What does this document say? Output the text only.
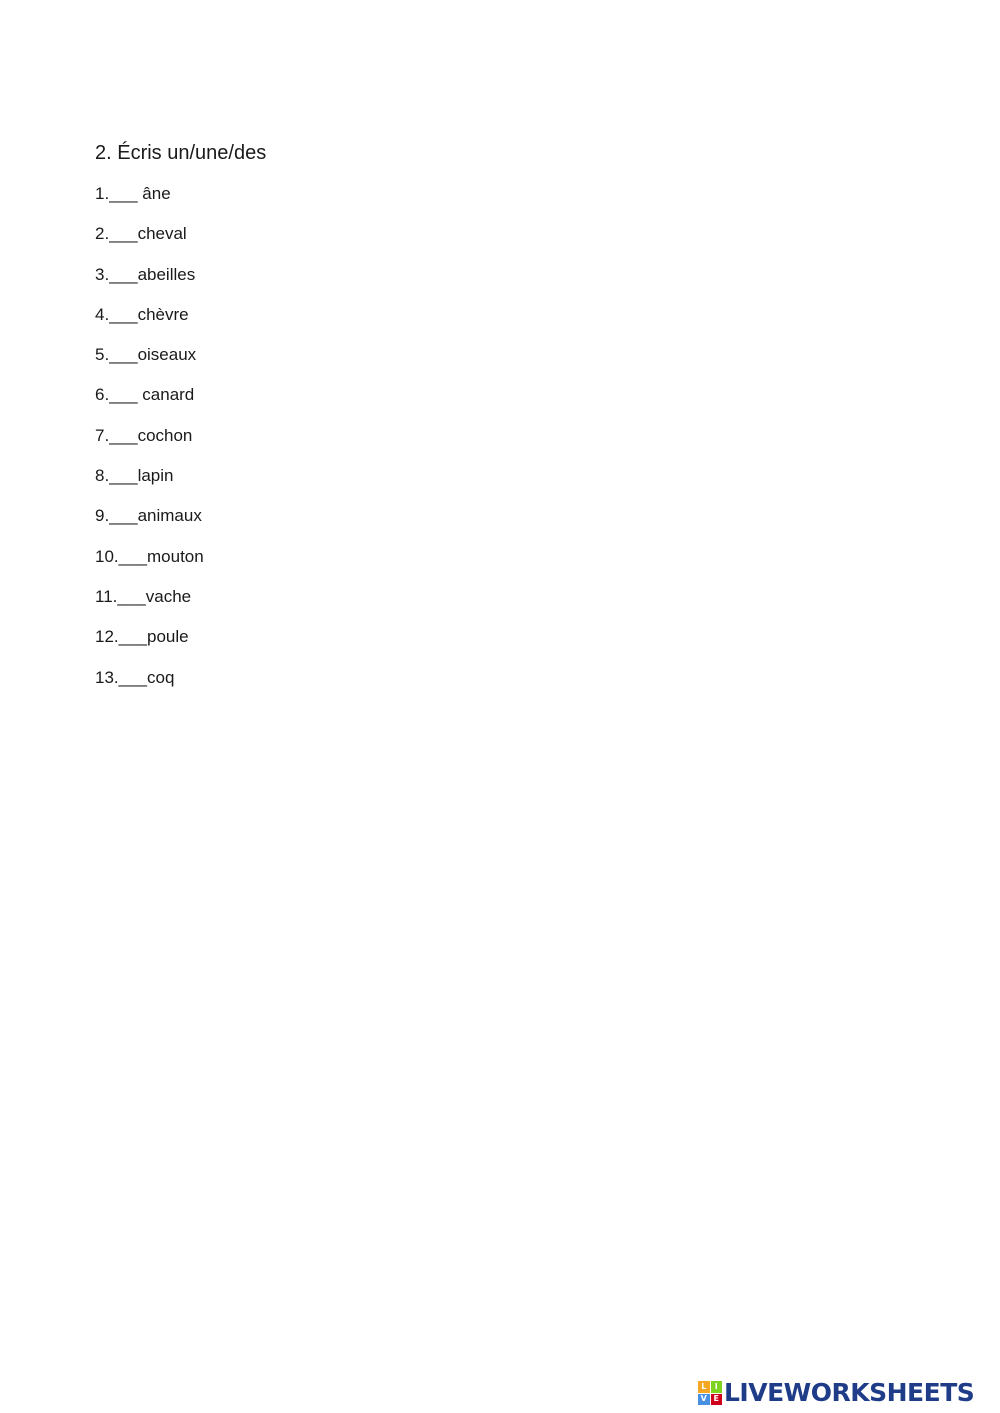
2. Écris un/une/des
1.___ âne
2.___cheval
3.___abeilles
4.___chèvre
5.___oiseaux
6.___ canard
7.___cochon
8.___lapin
9.___animaux
10.___mouton
11.___vache
12.___poule
13.___coq
L	I
V E LIVEWORKSHEETS
